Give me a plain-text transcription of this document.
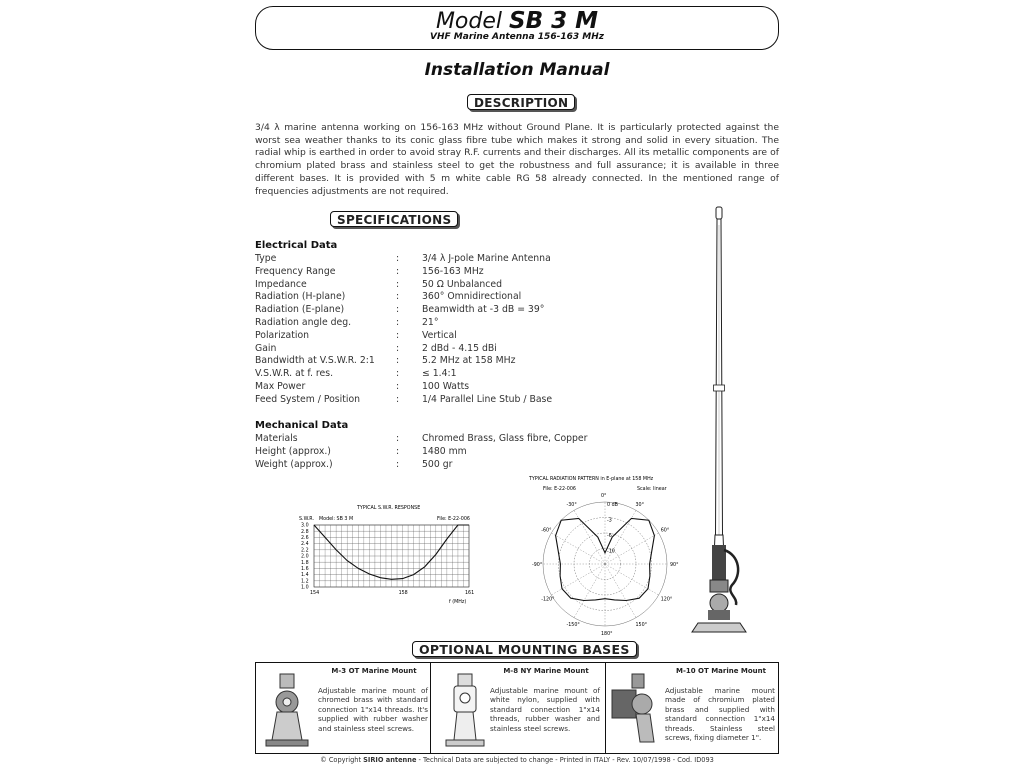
Model SB 3 M
VHF Marine Antenna 156-163 MHz
Installation Manual
DESCRIPTION
3/4 λ marine antenna working on 156-163 MHz without Ground Plane. It is particularly protected against the worst sea weather thanks to its conic glass fibre tube which makes it strong and solid in every situation. The radial whip is earthed in order to avoid stray R.F. currents and their discharges. All its metallic components are of chromium plated brass and stainless steel to get the robustness and full assurance; it is available in three different bases. It is provided with 5 m white cable RG 58 already connected. In the mentioned range of frequencies adjustments are not required.
SPECIFICATIONS
Electrical Data
Type	: 3/4 λ J-pole Marine Antenna
Frequency Range	: 156-163 MHz
Impedance	: 50 Ω Unbalanced
Radiation (H-plane)	: 360° Omnidirectional
Radiation (E-plane)	: Beamwidth at -3 dB = 39°
Radiation angle deg.	: 21°
Polarization	: Vertical
Gain	: 2 dBd - 4.15 dBi
Bandwidth at V.S.W.R. 2:1 : 5.2 MHz at 158 MHz
V.S.W.R. at f. res.	: ≤ 1.4:1
Max Power	: 100 Watts
Feed System / Position	: 1/4 Parallel Line Stub / Base
Mechanical Data
Materials	: Chromed Brass, Glass fibre, Copper
Height (approx.)	: 1480 mm
Weight (approx.)	: 500 gr
TYPICAL S.W.R. RESPONSE
Model: SB 3 M	File: E-22-006
S.W.R.
f (MHz)
3.0
2.8
2.6
2.4
2.2
2.0
1.8
1.6
1.4
1.2
1.0
154	158	161
TYPICAL RADIATION PATTERN in E-plane at 158 MHz
File: E-22-006	Scale: linear
0°
30°
60°
90°
120°
150°
180°
-150°
-120°
-90°
-60°
-30°	0 dB
-3
-6
-10
OPTIONAL MOUNTING BASES
M-3 OT Marine Mount
Adjustable marine mount of chromed brass with standard connection 1"x14 threads. It's supplied with rubber washer and stainless steel screws.
M-8 NY Marine Mount
Adjustable marine mount of white nylon, supplied with standard connection 1"x14 threads, rubber washer and stainless steel screws.
M-10 OT Marine Mount
Adjustable marine mount made of chromium plated brass and supplied with standard connection 1"x14 threads. Stainless steel screws, fixing diameter 1".
© Copyright SIRIO antenne - Technical Data are subjected to change - Printed in ITALY - Rev. 10/07/1998 - Cod. ID093
